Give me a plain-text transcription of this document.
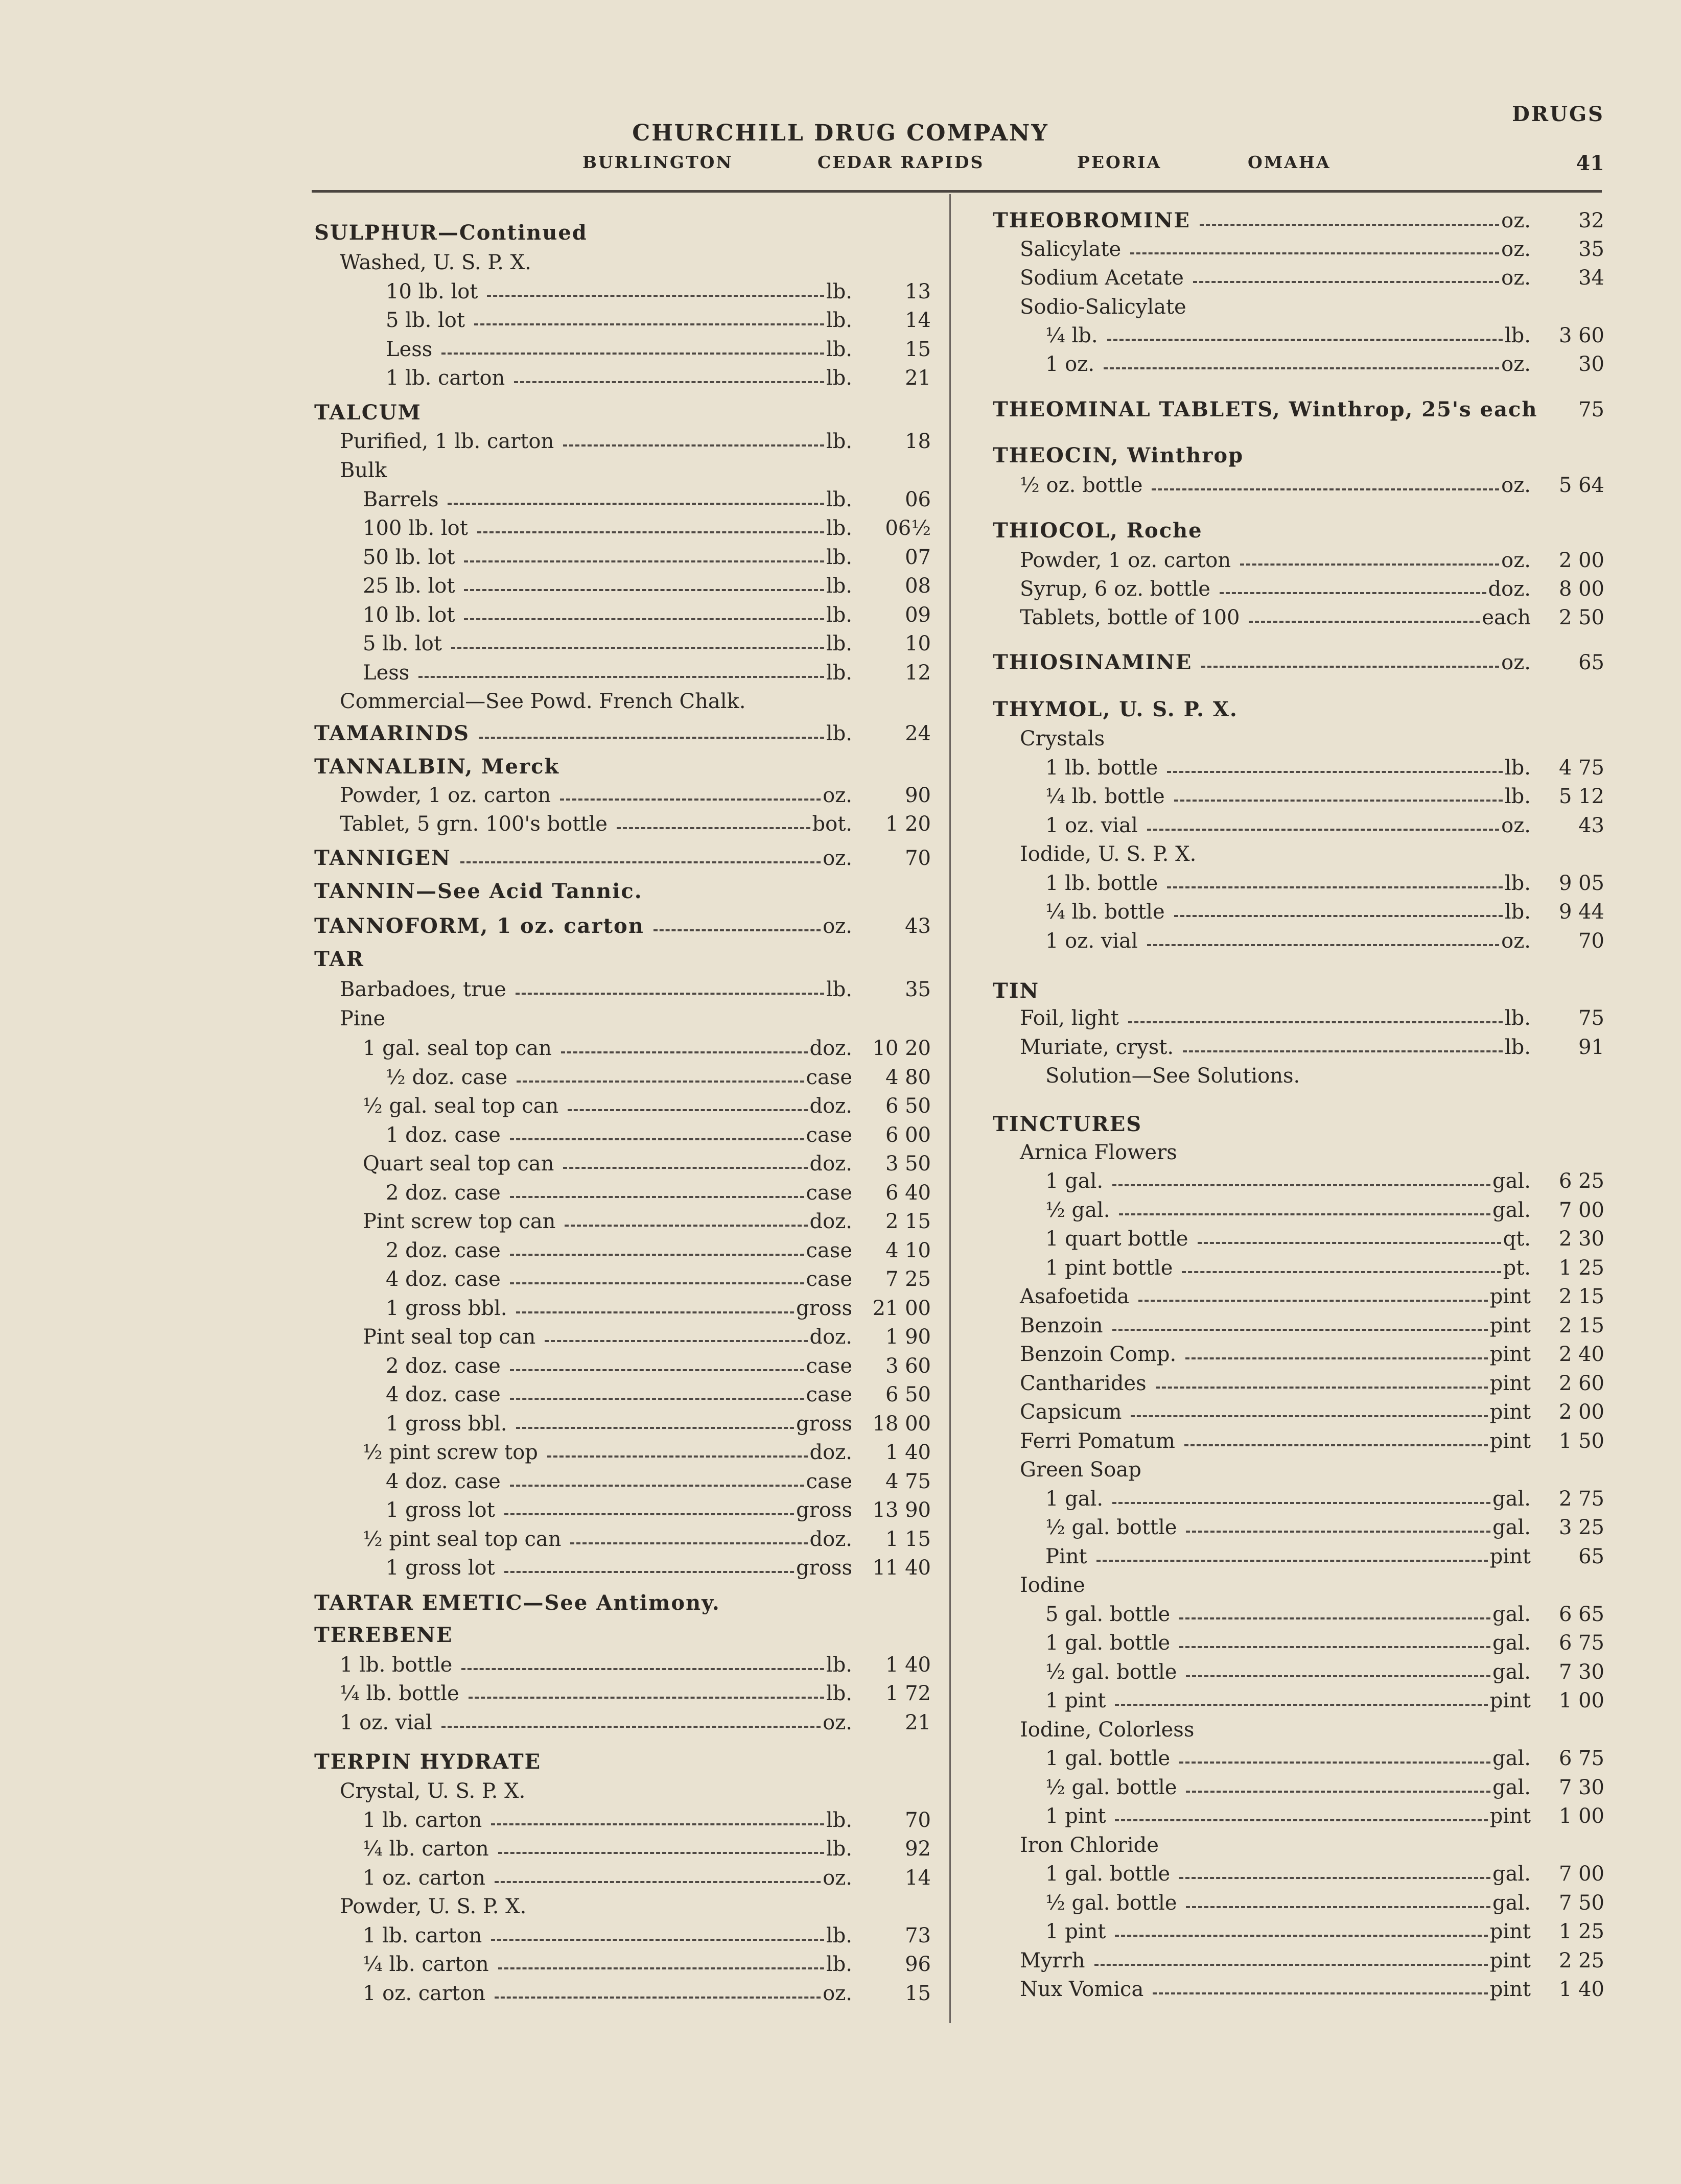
DRUGS
CHURCHILL DRUG COMPANY
BURLINGTON	CEDAR RAPIDS	PEORIA	OMAHA	41
SULPHUR—Continued
Washed, U. S. P. X.
10 lb. lot	lb.	13
5 lb. lot	lb.	14
Less	lb.	15
1 lb. carton	lb.	21
TALCUM
Purified, 1 lb. carton	lb.	18
Bulk
Barrels	lb.	06
100 lb. lot	lb. 06½
50 lb. lot	lb.	07
25 lb. lot	lb.	08
10 lb. lot	lb.	09
5 lb. lot	lb.	10
Less	lb.	12
Commercial—See Powd. French Chalk.
TAMARINDS	lb.	24
TANNALBIN, Merck
Powder, 1 oz. carton	oz.	90
Tablet, 5 grn. 100's bottle	bot. 1 20
TANNIGEN	oz.	70
TANNIN—See Acid Tannic.
TANNOFORM, 1 oz. carton	oz.	43
TAR
Barbadoes, true	lb.	35
Pine
1 gal. seal top can	doz. 10 20
½ doz. case	case 4 80
½ gal. seal top can	doz. 6 50
1 doz. case	case 6 00
Quart seal top can	doz. 3 50
2 doz. case	case 6 40
Pint screw top can	doz. 2 15
2 doz. case	case 4 10
4 doz. case	case 7 25
1 gross bbl.	gross 21 00
Pint seal top can	doz. 1 90
2 doz. case	case 3 60
4 doz. case	case 6 50
1 gross bbl.	gross 18 00
½ pint screw top	doz. 1 40
4 doz. case	case 4 75
1 gross lot	gross 13 90
½ pint seal top can	doz. 1 15
1 gross lot	gross 11 40
TARTAR EMETIC—See Antimony.
TEREBENE
1 lb. bottle	lb. 1 40
¼ lb. bottle	lb. 1 72
1 oz. vial	oz.	21
TERPIN HYDRATE
Crystal, U. S. P. X.
1 lb. carton	lb.	70
¼ lb. carton	lb.	92
1 oz. carton	oz.	14
Powder, U. S. P. X.
1 lb. carton	lb.	73
¼ lb. carton	lb.	96
1 oz. carton	oz.	15
THEOBROMINE	oz. 32
Salicylate	oz. 35
Sodium Acetate	oz. 34
Sodio-Salicylate
¼ lb.	lb. 3 60
1 oz.	oz. 30
THEOMINAL TABLETS, Winthrop, 25's each 75
THEOCIN, Winthrop
½ oz. bottle	oz. 5 64
THIOCOL, Roche
Powder, 1 oz. carton	oz. 2 00
Syrup, 6 oz. bottle	doz. 8 00
Tablets, bottle of 100	each 2 50
THIOSINAMINE	oz. 65
THYMOL, U. S. P. X.
Crystals
1 lb. bottle	lb. 4 75
¼ lb. bottle	lb. 5 12
1 oz. vial	oz. 43
Iodide, U. S. P. X.
1 lb. bottle	lb. 9 05
¼ lb. bottle	lb. 9 44
1 oz. vial	oz. 70
TIN
Foil, light	lb. 75
Muriate, cryst.	lb. 91
Solution—See Solutions.
TINCTURES
Arnica Flowers
1 gal.	gal. 6 25
½ gal.	gal. 7 00
1 quart bottle	qt. 2 30
1 pint bottle	pt. 1 25
Asafoetida	pint 2 15
Benzoin	pint 2 15
Benzoin Comp.	pint 2 40
Cantharides	pint 2 60
Capsicum	pint 2 00
Ferri Pomatum	pint 1 50
Green Soap
1 gal.	gal. 2 75
½ gal. bottle	gal. 3 25
Pint	pint 65
Iodine
5 gal. bottle	gal. 6 65
1 gal. bottle	gal. 6 75
½ gal. bottle	gal. 7 30
1 pint	pint 1 00
Iodine, Colorless
1 gal. bottle	gal. 6 75
½ gal. bottle	gal. 7 30
1 pint	pint 1 00
Iron Chloride
1 gal. bottle	gal. 7 00
½ gal. bottle	gal. 7 50
1 pint	pint 1 25
Myrrh	pint 2 25
Nux Vomica	pint 1 40
